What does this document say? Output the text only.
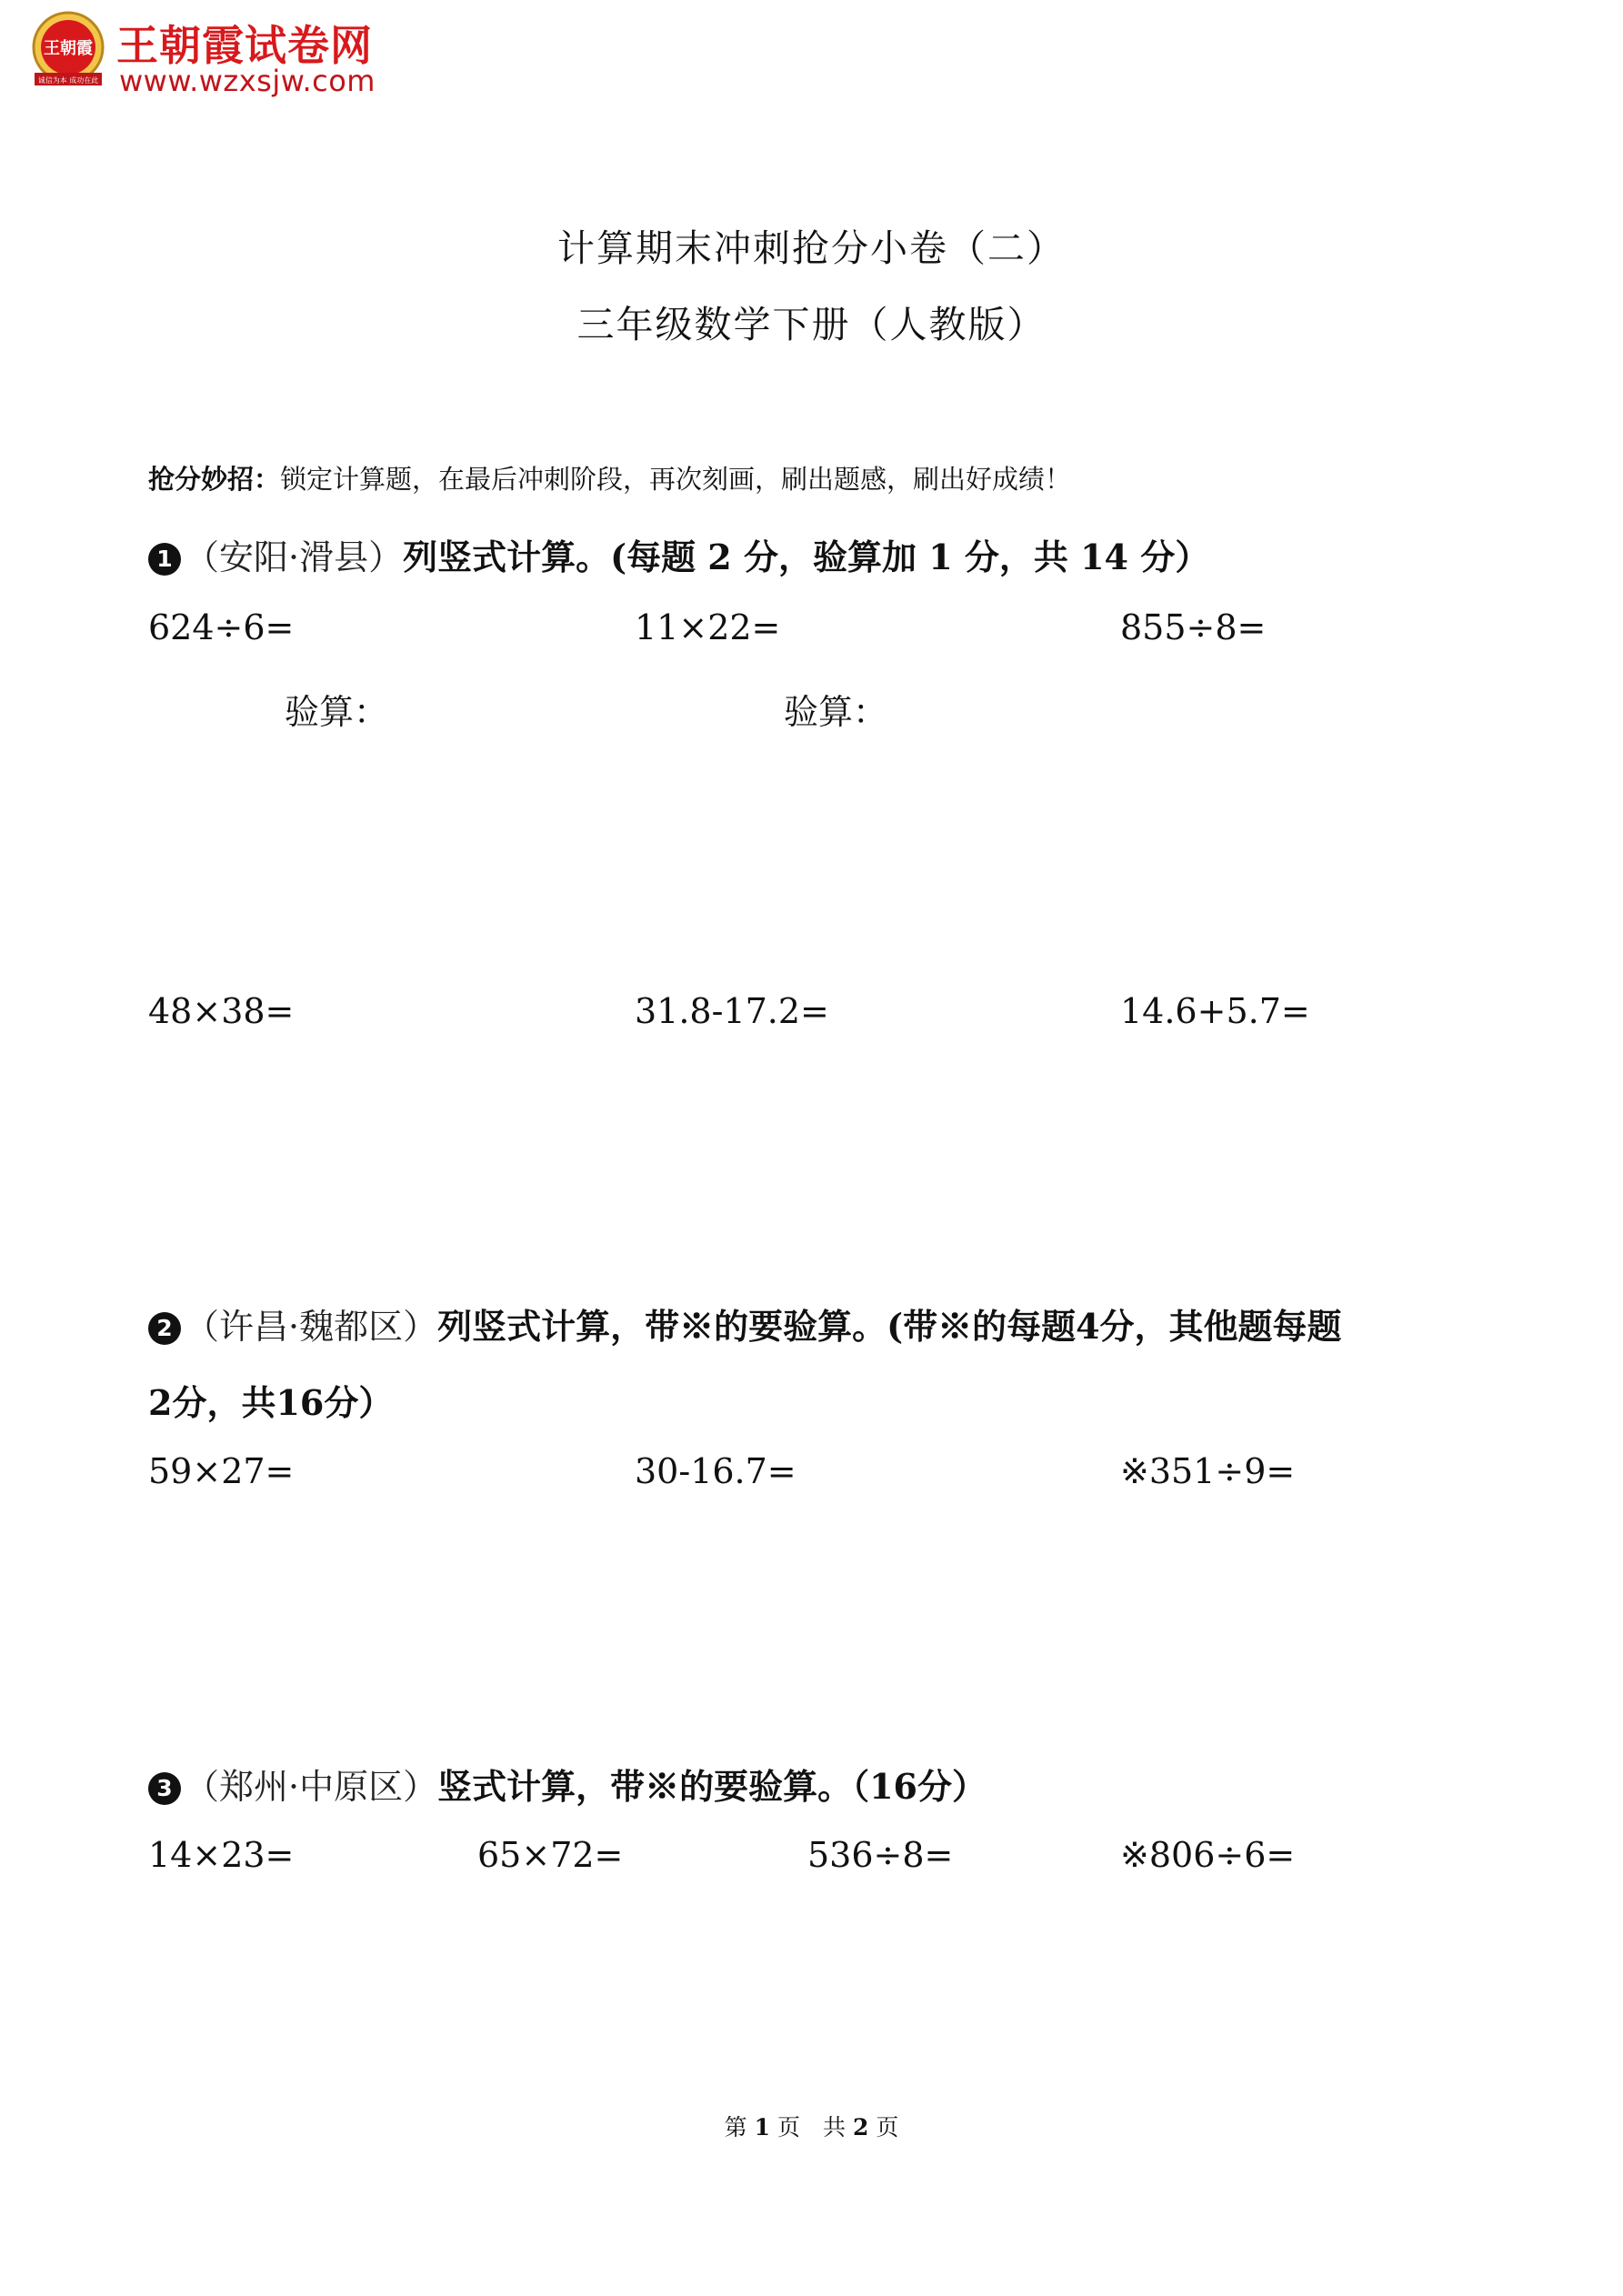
王朝霞
诚信为本 成功在此
王朝霞试卷网
www.wzxsjw.com
计算期末冲刺抢分小卷（二）
三年级数学下册（人教版）
抢分妙招：锁定计算题，在最后冲刺阶段，再次刻画，刷出题感，刷出好成绩！
1 （安阳·滑县）列竖式计算。(每题 2 分，验算加 1 分，共 14 分）
624÷6=	11×22=	855÷8=
验算：	验算：
48×38=	31.8-17.2=	14.6+5.7=
2 （许昌·魏都区）列竖式计算，带※的要验算。(带※的每题4分，其他题每题
2分，共16分）
59×27=	30-16.7=	※351÷9=
3 （郑州·中原区）竖式计算，带※的要验算。（16分）
14×23=	65×72=	536÷8=	※806÷6=
第 1 页　共 2 页
